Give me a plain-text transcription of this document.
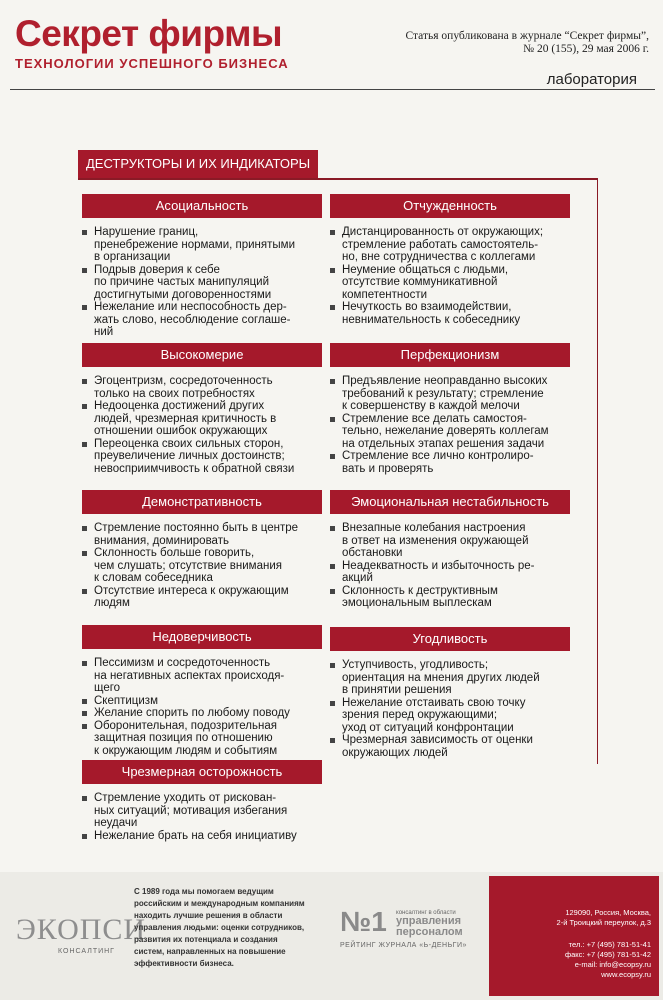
Секрет фирмы
ТЕХНОЛОГИИ УСПЕШНОГО БИЗНЕСА
Статья опубликована в журнале “Секрет фирмы”,
№ 20 (155), 29 мая 2006 г.
лаборатория
ДЕСТРУКТОРЫ И ИХ ИНДИКАТОРЫ
Асоциальность
Нарушение границ,
пренебрежение нормами, принятыми
в организации
Подрыв доверия к себе
по причине частых манипуляций
достигнутыми договоренностями
Нежелание или неспособность дер-
жать слово, несоблюдение соглаше-
ний
Отчужденность
Дистанцированность от окружающих;
стремление работать самостоятель-
но, вне сотрудничества с коллегами
Неумение общаться с людьми,
отсутствие коммуникативной
компетентности
Нечуткость во взаимодействии,
невнимательность к собеседнику
Высокомерие
Эгоцентризм, сосредоточенность
только на своих потребностях
Недооценка достижений других
людей, чрезмерная критичность в
отношении ошибок окружающих
Переоценка своих сильных сторон,
преувеличение личных достоинств;
невосприимчивость к обратной связи
Перфекционизм
Предъявление неоправданно высоких
требований к результату; стремление
к совершенству в каждой мелочи
Стремление все делать самостоя-
тельно, нежелание доверять коллегам
на отдельных этапах решения задачи
Стремление все лично контролиро-
вать и проверять
Демонстративность
Стремление постоянно быть в центре
внимания, доминировать
Склонность больше говорить,
чем слушать; отсутствие внимания
к словам собеседника
Отсутствие интереса к окружающим
людям
Эмоциональная нестабильность
Внезапные колебания настроения
в ответ на изменения окружающей
обстановки
Неадекватность и избыточность ре-
акций
Склонность к деструктивным
эмоциональным выплескам
Недоверчивость
Пессимизм и сосредоточенность
на негативных аспектах происходя-
щего
Скептицизм
Желание спорить по любому поводу
Оборонительная, подозрительная
защитная позиция по отношению
к окружающим людям и событиям
Угодливость
Уступчивость, угодливость;
ориентация на мнения других людей
в принятии решения
Нежелание отстаивать свою точку
зрения перед окружающими;
уход от ситуаций конфронтации
Чрезмерная зависимость от оценки
окружающих людей
Чрезмерная осторожность
Стремление уходить от рискован-
ных ситуаций; мотивация избегания
неудачи
Нежелание брать на себя инициативу
ЭКОПСИ
КОНСАЛТИНГ
С 1989 года мы помогаем ведущим
российским и международным компаниям
находить лучшие решения в области
управления людьми: оценки сотрудников,
развития их потенциала и создания
систем, направленных на повышение
эффективности бизнеса.
№1 консалтинг в области
управления
персоналом
РЕЙТИНГ ЖУРНАЛА «Ь-ДЕНЬГИ»
129090, Россия, Москва,
2-й Троицкий переулок, д.3
тел.: +7 (495) 781-51-41
факс: +7 (495) 781-51-42
e-mail: info@ecopsy.ru
www.ecopsy.ru
